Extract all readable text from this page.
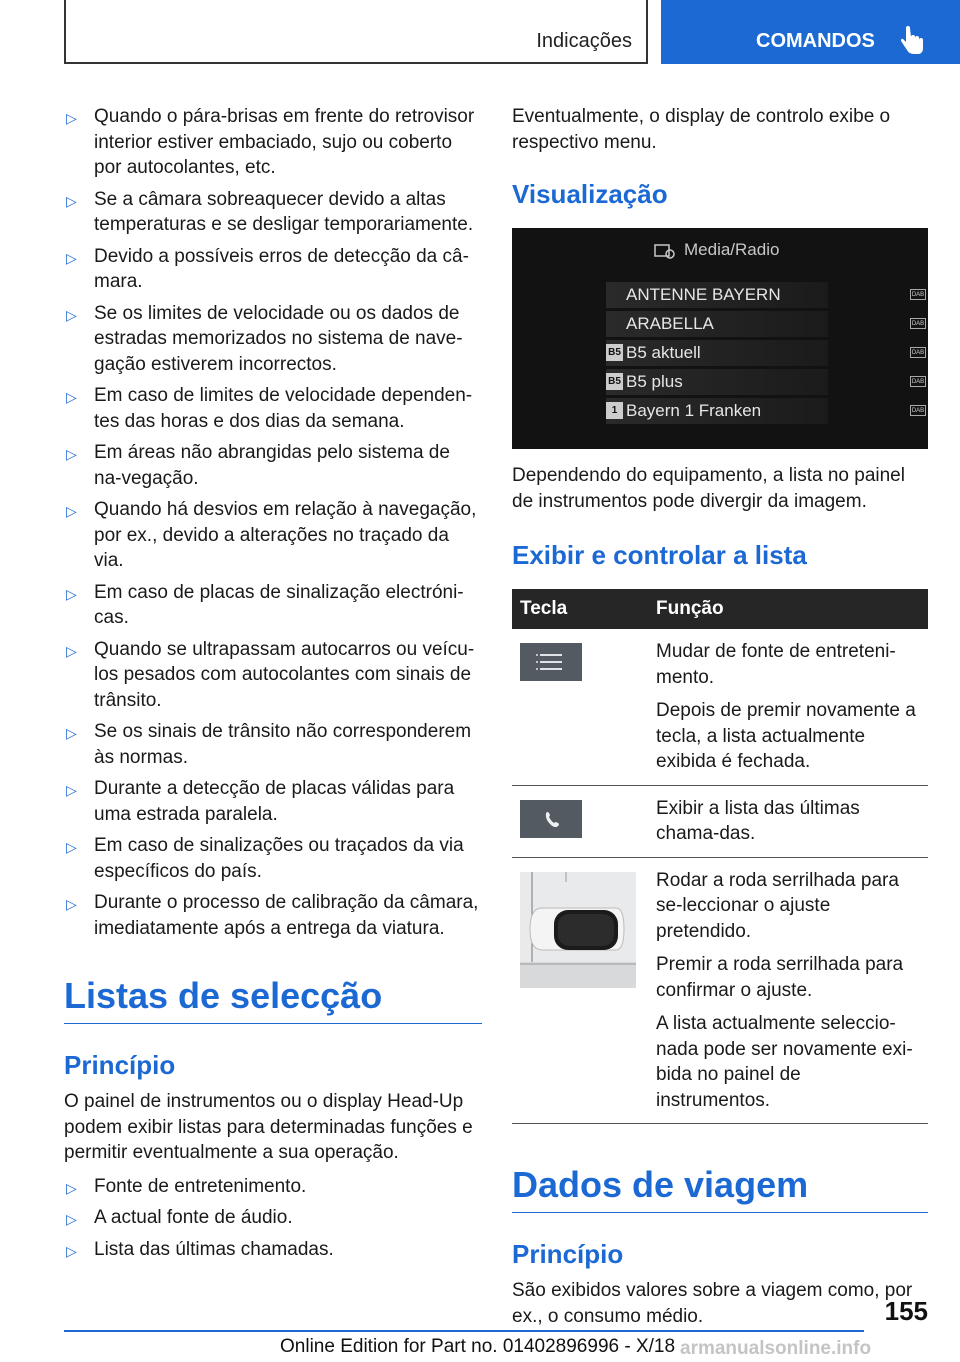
Indicações	COMANDOS
▷ Quando o pára-brisas em frente do retrovisor interior estiver embaciado, sujo ou coberto por autocolantes, etc.
▷ Se a câmara sobreaquecer devido a altas temperaturas e se desligar temporariamente.
▷ Devido a possíveis erros de detecção da câ-mara.
▷ Se os limites de velocidade ou os dados de estradas memorizados no sistema de nave-gação estiverem incorrectos.
▷ Em caso de limites de velocidade dependen-tes das horas e dos dias da semana.
▷ Em áreas não abrangidas pelo sistema de na-vegação.
▷ Quando há desvios em relação à navegação, por ex., devido a alterações no traçado da via.
▷ Em caso de placas de sinalização electróni-cas.
▷ Quando se ultrapassam autocarros ou veícu-los pesados com autocolantes com sinais de trânsito.
▷ Se os sinais de trânsito não corresponderem às normas.
▷ Durante a detecção de placas válidas para uma estrada paralela.
▷ Em caso de sinalizações ou traçados da via específicos do país.
▷ Durante o processo de calibração da câmara, imediatamente após a entrega da viatura.
Listas de selecção
Princípio

O painel de instrumentos ou o display Head-Up podem exibir listas para determinadas funções e permitir eventualmente a sua operação.

▷ Fonte de entretenimento.
▷ A actual fonte de áudio.
▷ Lista das últimas chamadas.

Eventualmente, o display de controlo exibe o respectivo menu.

Visualização
Media/Radio
ANTENNE BAYERN	DAB
ARABELLA	DAB
B5 B5 aktuell	DAB
B5 B5 plus	DAB
1 Bayern 1 Franken	DAB

Dependendo do equipamento, a lista no painel de instrumentos pode divergir da imagem.

Exibir e controlar a lista
Tecla	Função

Mudar de fonte de entreteni-mento.

Depois de premir novamente a tecla, a lista actualmente exibida é fechada.

Exibir a lista das últimas chama-das.

Rodar a roda serrilhada para se-leccionar o ajuste pretendido.

Premir a roda serrilhada para confirmar o ajuste.

A lista actualmente seleccio-nada pode ser novamente exi-bida no painel de instrumentos.

Dados de viagem
Princípio

São exibidos valores sobre a viagem como, por ex., o consumo médio.	155
Online Edition for Part no. 01402896996 - X/18 armanualsonline.info
